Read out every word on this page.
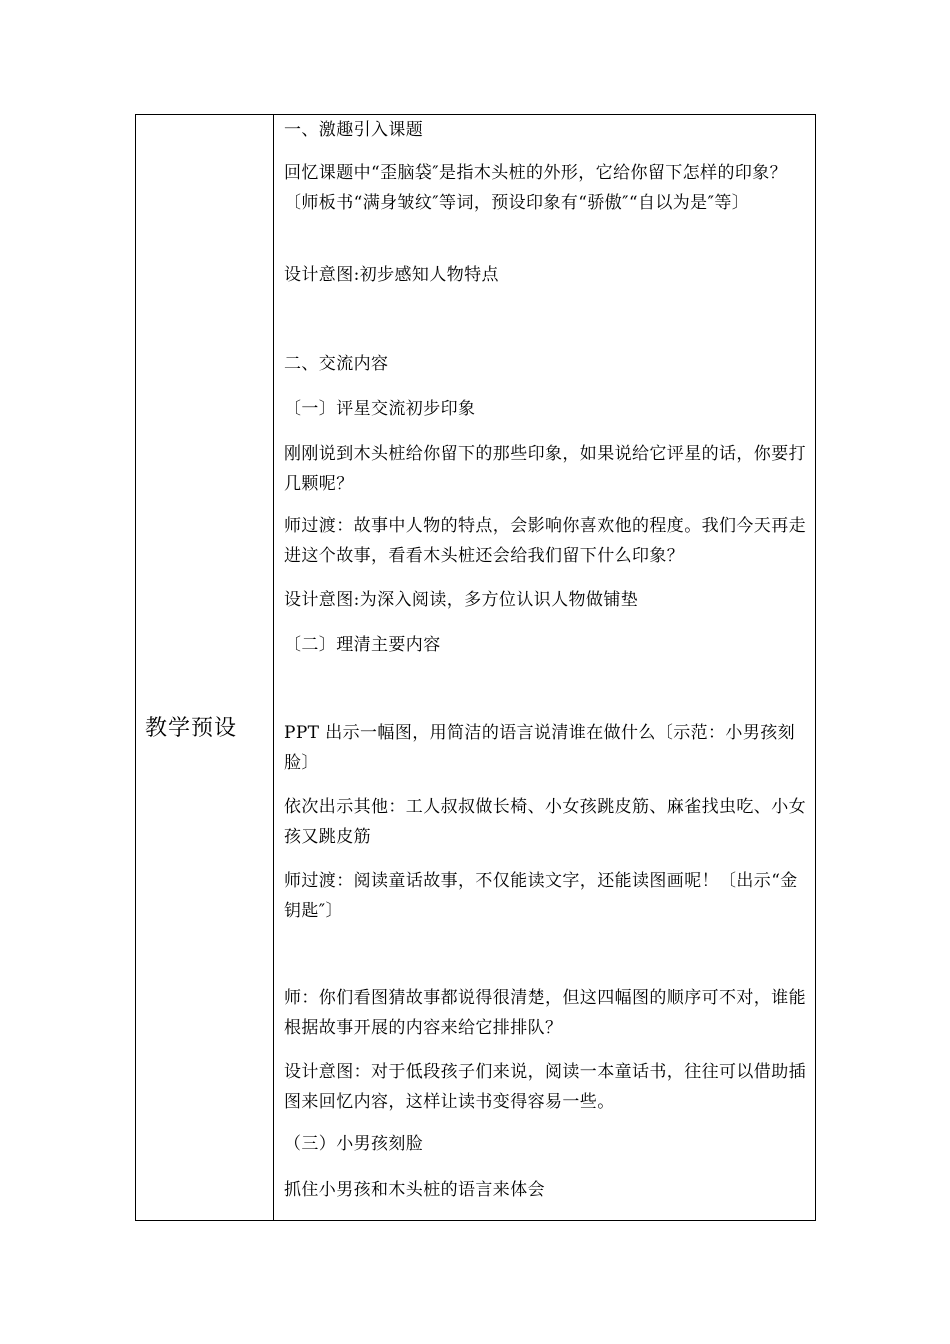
教学预设
一、激趣引入课题
回忆课题中“歪脑袋″是指木头桩的外形，它给你留下怎样的印象？〔师板书“满身皱纹″等词，预设印象有“骄傲″“自以为是″等〕
设计意图:初步感知人物特点
二、交流内容
〔一〕评星交流初步印象
刚刚说到木头桩给你留下的那些印象，如果说给它评星的话，你要打几颗呢？
师过渡：故事中人物的特点，会影响你喜欢他的程度。我们今天再走进这个故事，看看木头桩还会给我们留下什么印象？
设计意图:为深入阅读，多方位认识人物做铺垫
〔二〕理清主要内容
PPT 出示一幅图，用简洁的语言说清谁在做什么〔示范：小男孩刻脸〕
依次出示其他：工人叔叔做长椅、小女孩跳皮筋、麻雀找虫吃、小女孩又跳皮筋
师过渡：阅读童话故事，不仅能读文字，还能读图画呢！〔出示“金钥匙″〕
师：你们看图猜故事都说得很清楚，但这四幅图的顺序可不对，谁能根据故事开展的内容来给它排排队？
设计意图：对于低段孩子们来说，阅读一本童话书，往往可以借助插图来回忆内容，这样让读书变得容易一些。
（三）小男孩刻脸
抓住小男孩和木头桩的语言来体会
